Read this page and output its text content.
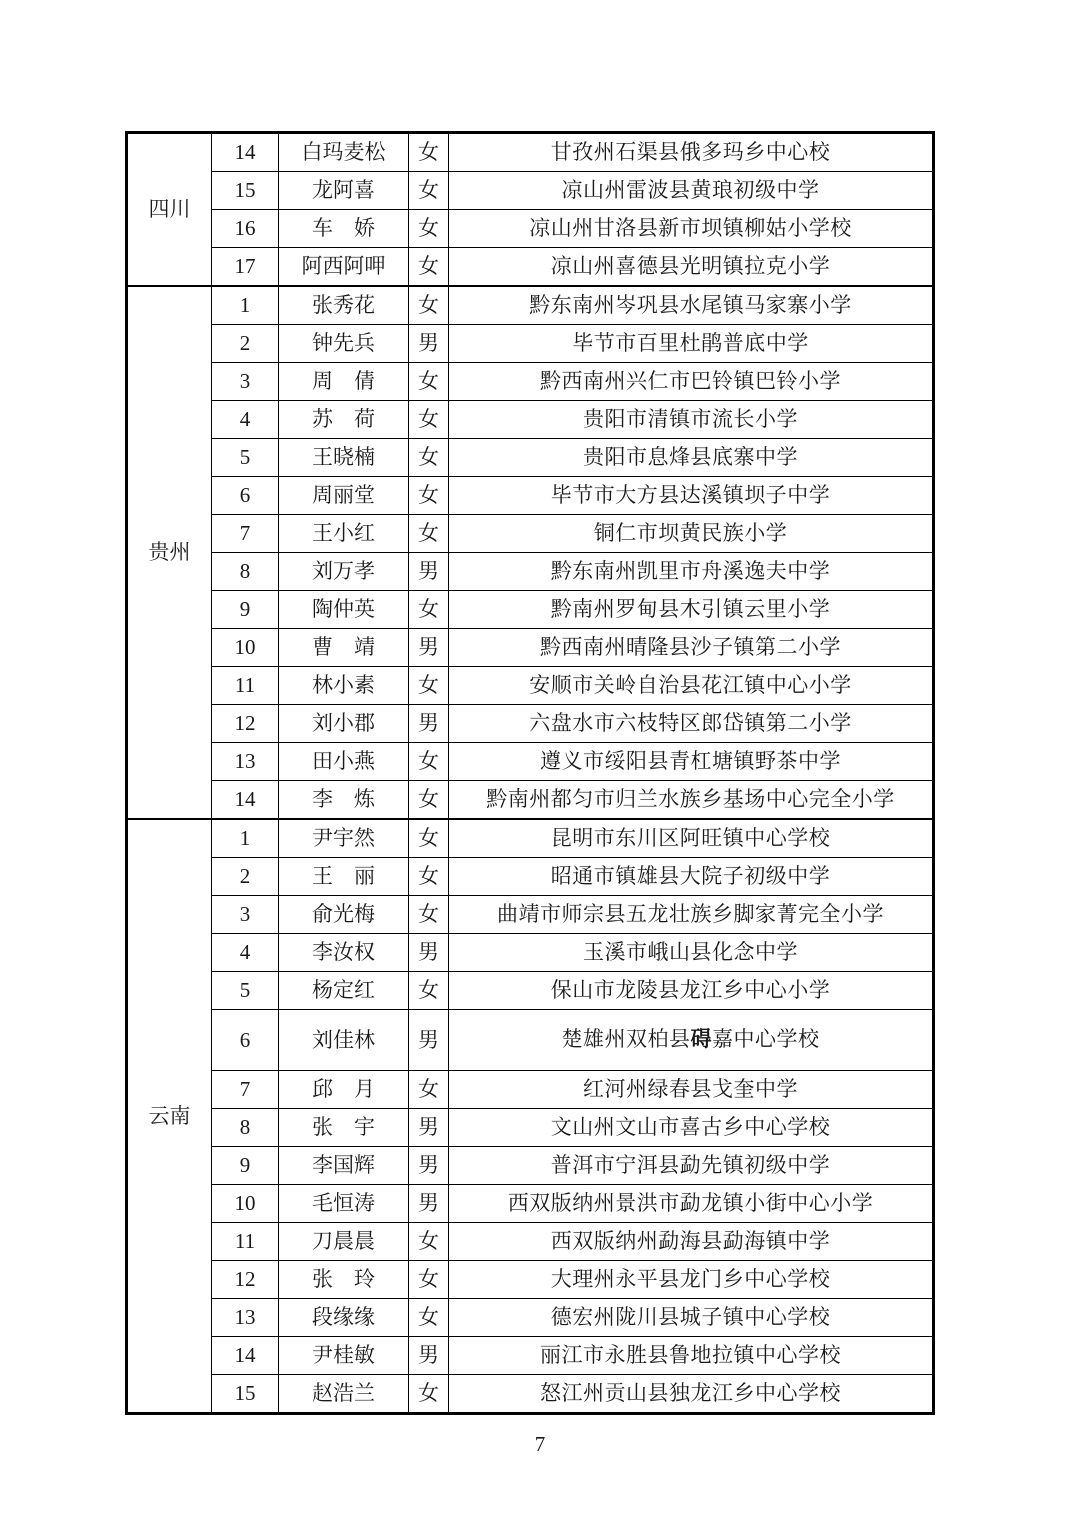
四川	14	白玛麦松	女	甘孜州石渠县俄多玛乡中心校
	15	龙阿喜	女	凉山州雷波县黄琅初级中学
	16	车　娇	女	凉山州甘洛县新市坝镇柳姑小学校
	17	阿西阿呷	女	凉山州喜德县光明镇拉克小学
贵州	1	张秀花	女	黔东南州岑巩县水尾镇马家寨小学
	2	钟先兵	男	毕节市百里杜鹃普底中学
	3	周　倩	女	黔西南州兴仁市巴铃镇巴铃小学
	4	苏　荷	女	贵阳市清镇市流长小学
	5	王晓楠	女	贵阳市息烽县底寨中学
	6	周丽堂	女	毕节市大方县达溪镇坝子中学
	7	王小红	女	铜仁市坝黄民族小学
	8	刘万孝	男	黔东南州凯里市舟溪逸夫中学
	9	陶仲英	女	黔南州罗甸县木引镇云里小学
	10	曹　靖	男	黔西南州晴隆县沙子镇第二小学
	11	林小素	女	安顺市关岭自治县花江镇中心小学
	12	刘小郡	男	六盘水市六枝特区郎岱镇第二小学
	13	田小燕	女	遵义市绥阳县青杠塘镇野茶中学
	14	李　炼	女	黔南州都匀市归兰水族乡基场中心完全小学
云南	1	尹宇然	女	昆明市东川区阿旺镇中心学校
	2	王　丽	女	昭通市镇雄县大院子初级中学
	3	俞光梅	女	曲靖市师宗县五龙壮族乡脚家菁完全小学
	4	李汝权	男	玉溪市峨山县化念中学
	5	杨定红	女	保山市龙陵县龙江乡中心小学
	6	刘佳林	男	楚雄州双柏县碍嘉中心学校
	7	邱　月	女	红河州绿春县戈奎中学
	8	张　宇	男	文山州文山市喜古乡中心学校
	9	李国辉	男	普洱市宁洱县勐先镇初级中学
	10	毛恒涛	男	西双版纳州景洪市勐龙镇小街中心小学
	11	刀晨晨	女	西双版纳州勐海县勐海镇中学
	12	张　玲	女	大理州永平县龙门乡中心学校
	13	段缘缘	女	德宏州陇川县城子镇中心学校
	14	尹桂敏	男	丽江市永胜县鲁地拉镇中心学校
	15	赵浩兰	女	怒江州贡山县独龙江乡中心学校
7
